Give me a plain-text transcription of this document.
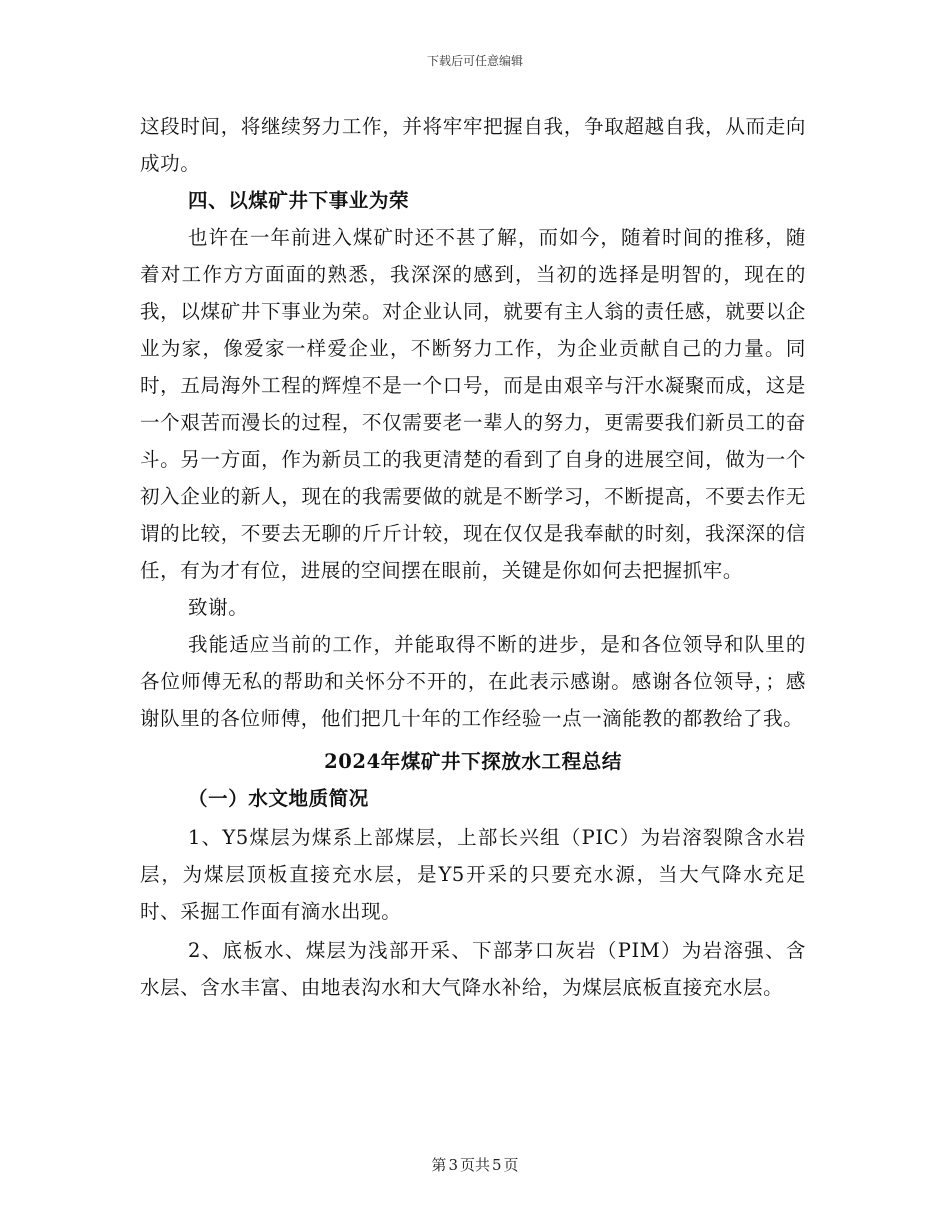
下载后可任意编辑

这段时间，将继续努力工作，并将牢牢把握自我，争取超越自我，从而走向成功。

四、以煤矿井下事业为荣

也许在一年前进入煤矿时还不甚了解，而如今，随着时间的推移，随着对工作方方面面的熟悉，我深深的感到，当初的选择是明智的，现在的我，以煤矿井下事业为荣。对企业认同，就要有主人翁的责任感，就要以企业为家，像爱家一样爱企业，不断努力工作，为企业贡献自己的力量。同时，五局海外工程的辉煌不是一个口号，而是由艰辛与汗水凝聚而成，这是一个艰苦而漫长的过程，不仅需要老一辈人的努力，更需要我们新员工的奋斗。另一方面，作为新员工的我更清楚的看到了自身的进展空间，做为一个初入企业的新人，现在的我需要做的就是不断学习，不断提高，不要去作无谓的比较，不要去无聊的斤斤计较，现在仅仅是我奉献的时刻，我深深的信任，有为才有位，进展的空间摆在眼前，关键是你如何去把握抓牢。

致谢。

我能适应当前的工作，并能取得不断的进步，是和各位领导和队里的各位师傅无私的帮助和关怀分不开的，在此表示感谢。感谢各位领导，；感谢队里的各位师傅，他们把几十年的工作经验一点一滴能教的都教给了我。

2024年煤矿井下探放水工程总结

（一）水文地质简况

1、Y5煤层为煤系上部煤层，上部长兴组（PIC）为岩溶裂隙含水岩层，为煤层顶板直接充水层，是Y5开采的只要充水源，当大气降水充足时、采掘工作面有滴水出现。

2、底板水、煤层为浅部开采、下部茅口灰岩（PIM）为岩溶强、含水层、含水丰富、由地表沟水和大气降水补给，为煤层底板直接充水层。

第 3 页共 5 页
